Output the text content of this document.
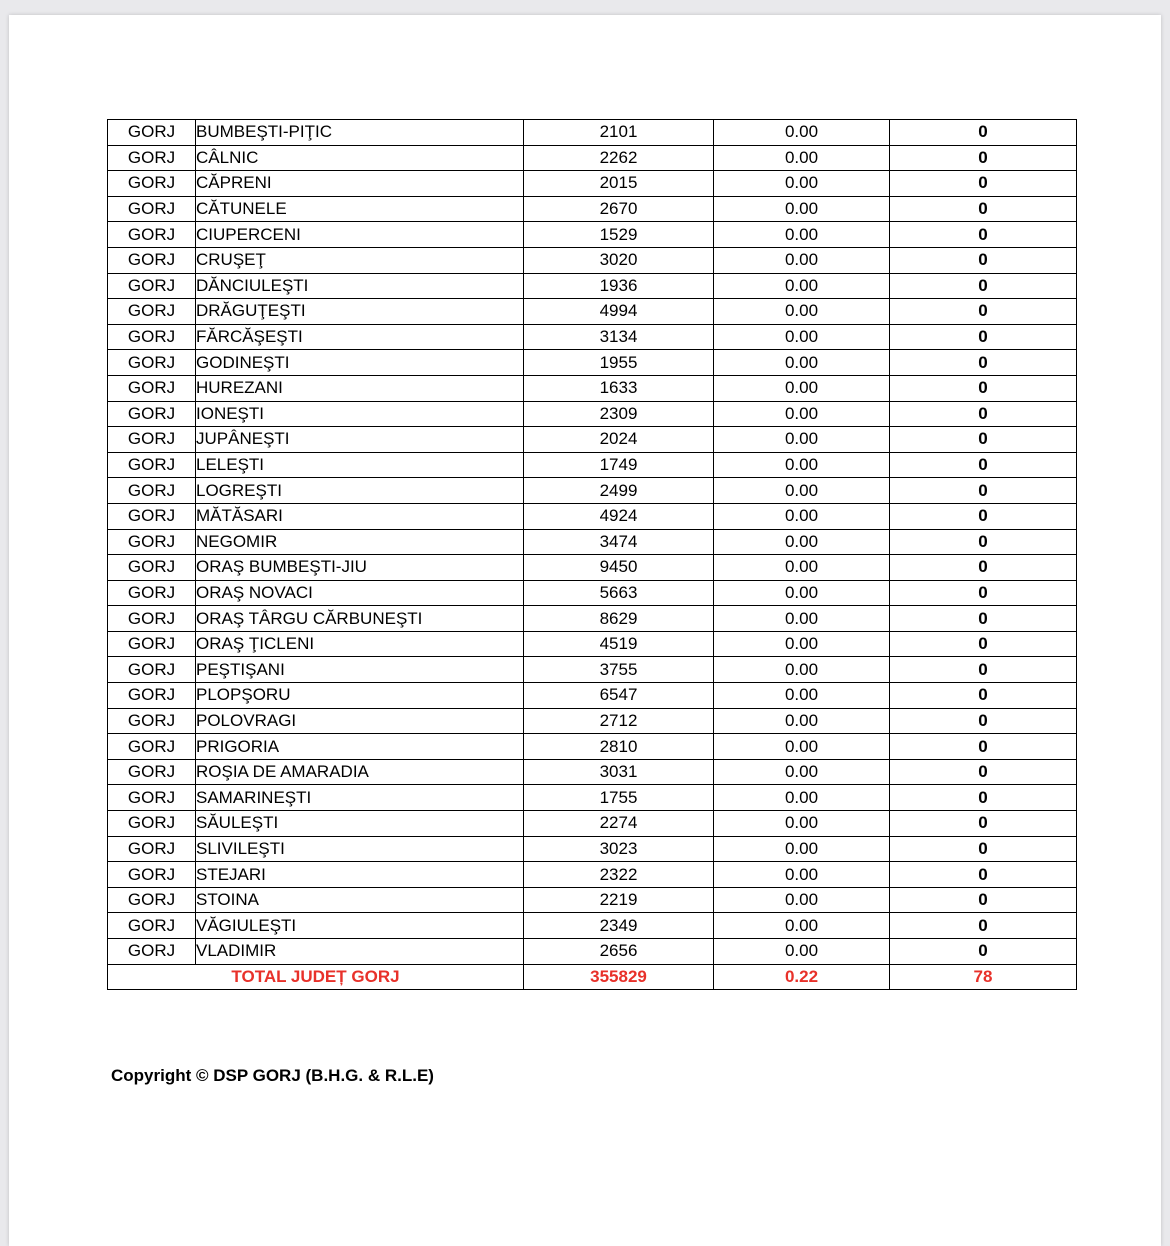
GORJ	BUMBEŞTI-PIŢIC	2101	0.00	0
GORJ	CÂLNIC	2262	0.00	0
GORJ	CĂPRENI	2015	0.00	0
GORJ	CĂTUNELE	2670	0.00	0
GORJ	CIUPERCENI	1529	0.00	0
GORJ	CRUŞEŢ	3020	0.00	0
GORJ	DĂNCIULEŞTI	1936	0.00	0
GORJ	DRĂGUŢEŞTI	4994	0.00	0
GORJ	FĂRCĂŞEŞTI	3134	0.00	0
GORJ	GODINEŞTI	1955	0.00	0
GORJ	HUREZANI	1633	0.00	0
GORJ	IONEŞTI	2309	0.00	0
GORJ	JUPÂNEŞTI	2024	0.00	0
GORJ	LELEŞTI	1749	0.00	0
GORJ	LOGREŞTI	2499	0.00	0
GORJ	MĂTĂSARI	4924	0.00	0
GORJ	NEGOMIR	3474	0.00	0
GORJ	ORAŞ BUMBEŞTI-JIU	9450	0.00	0
GORJ	ORAŞ NOVACI	5663	0.00	0
GORJ	ORAŞ TÂRGU CĂRBUNEŞTI	8629	0.00	0
GORJ	ORAŞ ŢICLENI	4519	0.00	0
GORJ	PEŞTIŞANI	3755	0.00	0
GORJ	PLOPŞORU	6547	0.00	0
GORJ	POLOVRAGI	2712	0.00	0
GORJ	PRIGORIA	2810	0.00	0
GORJ	ROŞIA DE AMARADIA	3031	0.00	0
GORJ	SAMARINEŞTI	1755	0.00	0
GORJ	SĂULEŞTI	2274	0.00	0
GORJ	SLIVILEŞTI	3023	0.00	0
GORJ	STEJARI	2322	0.00	0
GORJ	STOINA	2219	0.00	0
GORJ	VĂGIULEŞTI	2349	0.00	0
GORJ	VLADIMIR	2656	0.00	0
TOTAL JUDEȚ GORJ		355829	0.22	78
Copyright © DSP GORJ (B.H.G. & R.L.E)
